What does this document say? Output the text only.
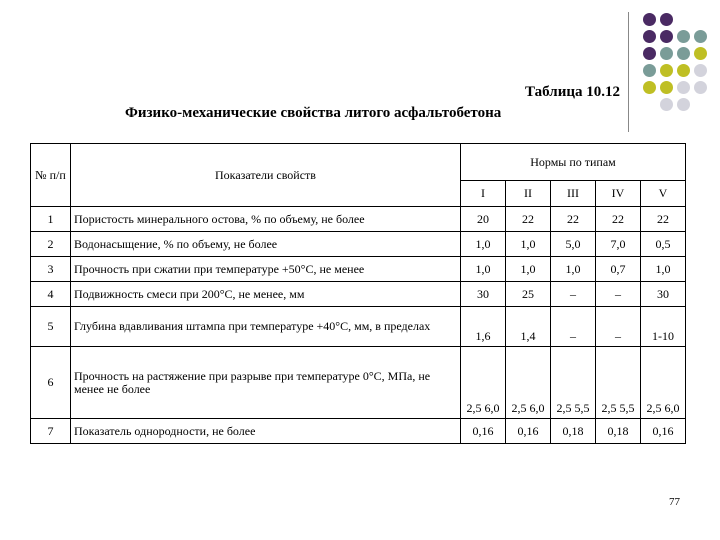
Таблица 10.12
Физико-механические свойства литого асфальтобетона
№ п/п	Показатели свойств	Нормы по типам				
		I	II	III	IV	V
1	Пористость минерального остова, % по объему, не более	20	22	22	22	22
2	Водонасыщение, % по объему, не более	1,0	1,0	5,0	7,0	0,5
3	Прочность при сжатии при температуре +50°С, не менее	1,0	1,0	1,0	0,7	1,0
4	Подвижность смеси при 200°С, не менее, мм	30	25	–	–	30
5	Глубина вдавливания штампа при температуре +40°С, мм, в пределах	1,6	1,4	–	–	1-10
6	Прочность на растяжение при разрыве при температуре 0°С, МПа, не менее не более	2,5 6,0	2,5 6,0	2,5 5,5	2,5 5,5	2,5 6,0
7	Показатель однородности, не более	0,16	0,16	0,18	0,18	0,16
77
